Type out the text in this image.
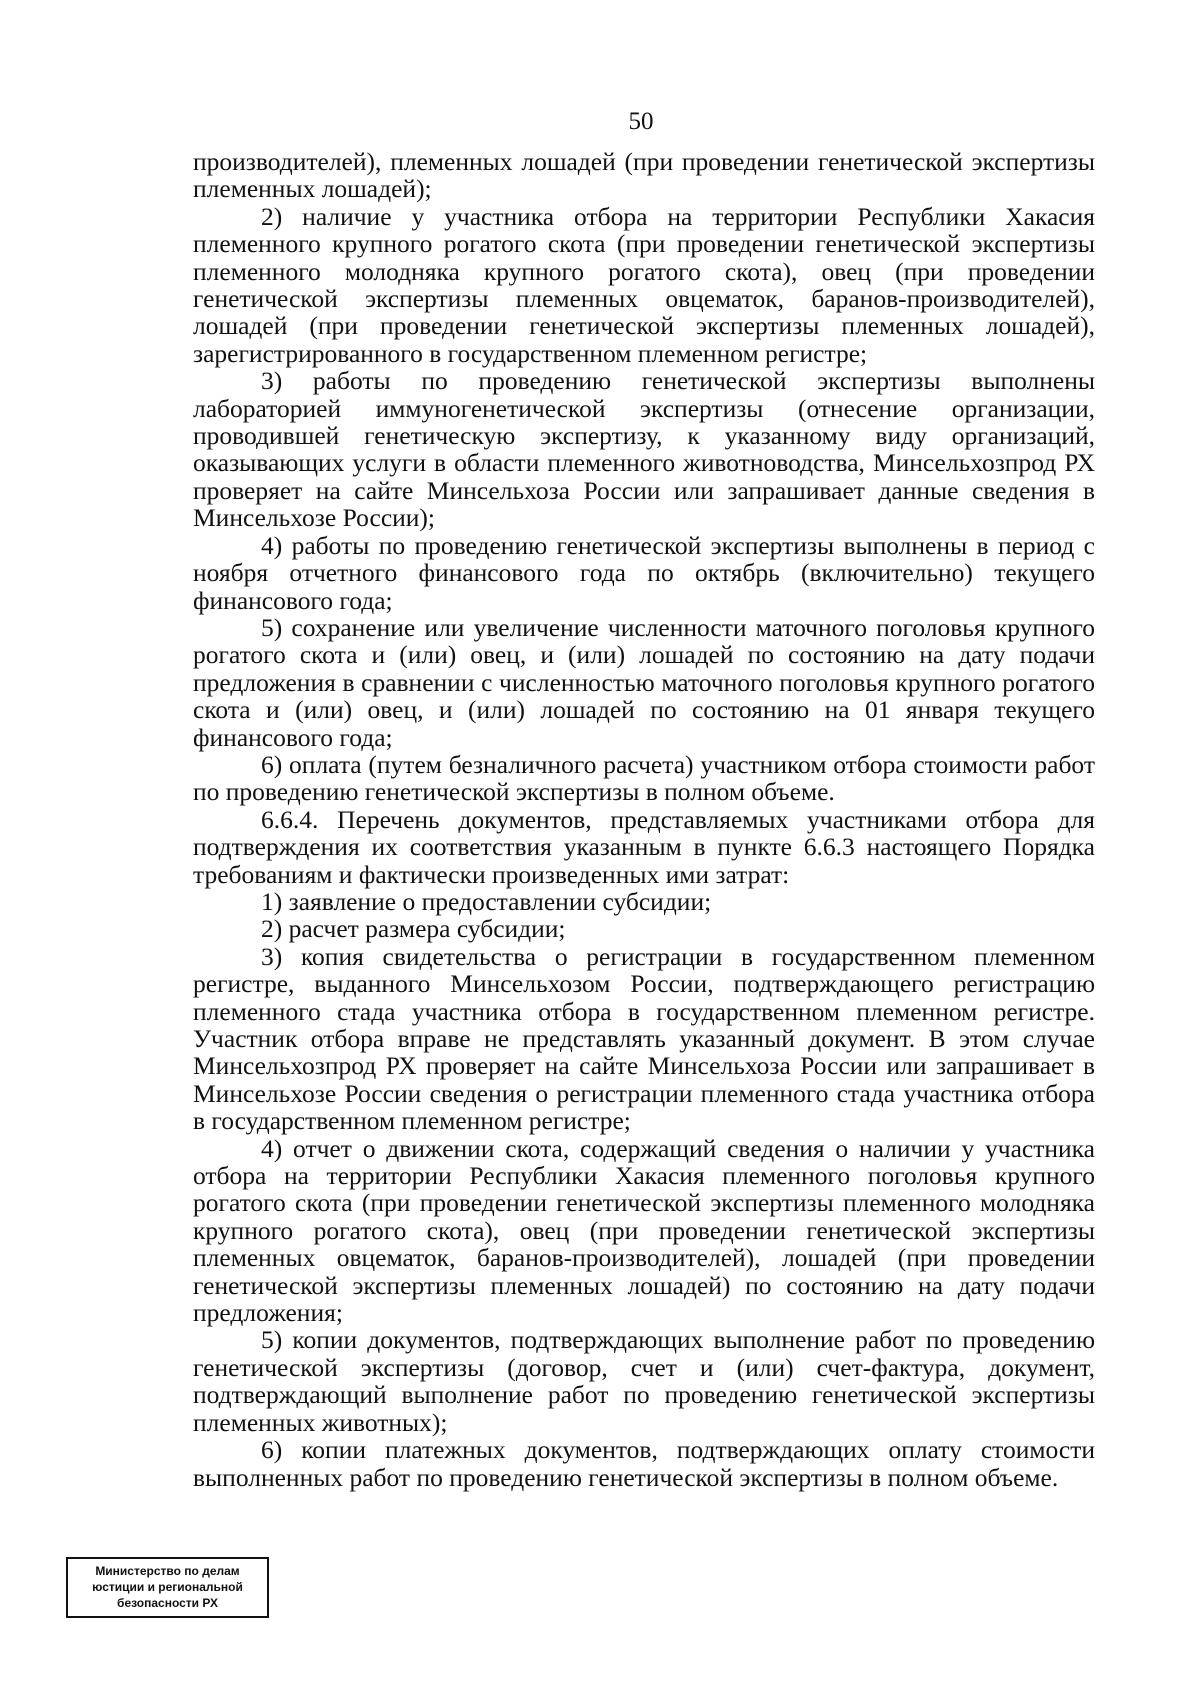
50

производителей), племенных лошадей (при проведении генетической экспертизы племенных лошадей);

2) наличие у участника отбора на территории Республики Хакасия племенного крупного рогатого скота (при проведении генетической экспертизы племенного молодняка крупного рогатого скота), овец (при проведении генетической экспертизы племенных овцематок, баранов-производителей), лошадей (при проведении генетической экспертизы племенных лошадей), зарегистрированного в государственном племенном регистре;

3) работы по проведению генетической экспертизы выполнены лабораторией иммуногенетической экспертизы (отнесение организации, проводившей генетическую экспертизу, к указанному виду организаций, оказывающих услуги в области племенного животноводства, Минсельхозпрод РХ проверяет на сайте Минсельхоза России или запрашивает данные сведения в Минсельхозе России);

4) работы по проведению генетической экспертизы выполнены в период с ноября отчетного финансового года по октябрь (включительно) текущего финансового года;

5) сохранение или увеличение численности маточного поголовья крупного рогатого скота и (или) овец, и (или) лошадей по состоянию на дату подачи предложения в сравнении с численностью маточного поголовья крупного рогатого скота и (или) овец, и (или) лошадей по состоянию на 01 января текущего финансового года;

6) оплата (путем безналичного расчета) участником отбора стоимости работ по проведению генетической экспертизы в полном объеме.

6.6.4. Перечень документов, представляемых участниками отбора для подтверждения их соответствия указанным в пункте 6.6.3 настоящего Порядка требованиям и фактически произведенных ими затрат:

1) заявление о предоставлении субсидии;

2) расчет размера субсидии;

3) копия свидетельства о регистрации в государственном племенном регистре, выданного Минсельхозом России, подтверждающего регистрацию племенного стада участника отбора в государственном племенном регистре. Участник отбора вправе не представлять указанный документ. В этом случае Минсельхозпрод РХ проверяет на сайте Минсельхоза России или запрашивает в Минсельхозе России сведения о регистрации племенного стада участника отбора в государственном племенном регистре;

4) отчет о движении скота, содержащий сведения о наличии у участника отбора на территории Республики Хакасия племенного поголовья крупного рогатого скота (при проведении генетической экспертизы племенного молодняка крупного рогатого скота), овец (при проведении генетической экспертизы племенных овцематок, баранов-производителей), лошадей (при проведении генетической экспертизы племенных лошадей) по состоянию на дату подачи предложения;

5) копии документов, подтверждающих выполнение работ по проведению генетической экспертизы (договор, счет и (или) счет-фактура, документ, подтверждающий выполнение работ по проведению генетической экспертизы племенных животных);

6) копии платежных документов, подтверждающих оплату стоимости выполненных работ по проведению генетической экспертизы в полном объеме.

Министерство по делам
юстиции и региональной
безопасности РХ
